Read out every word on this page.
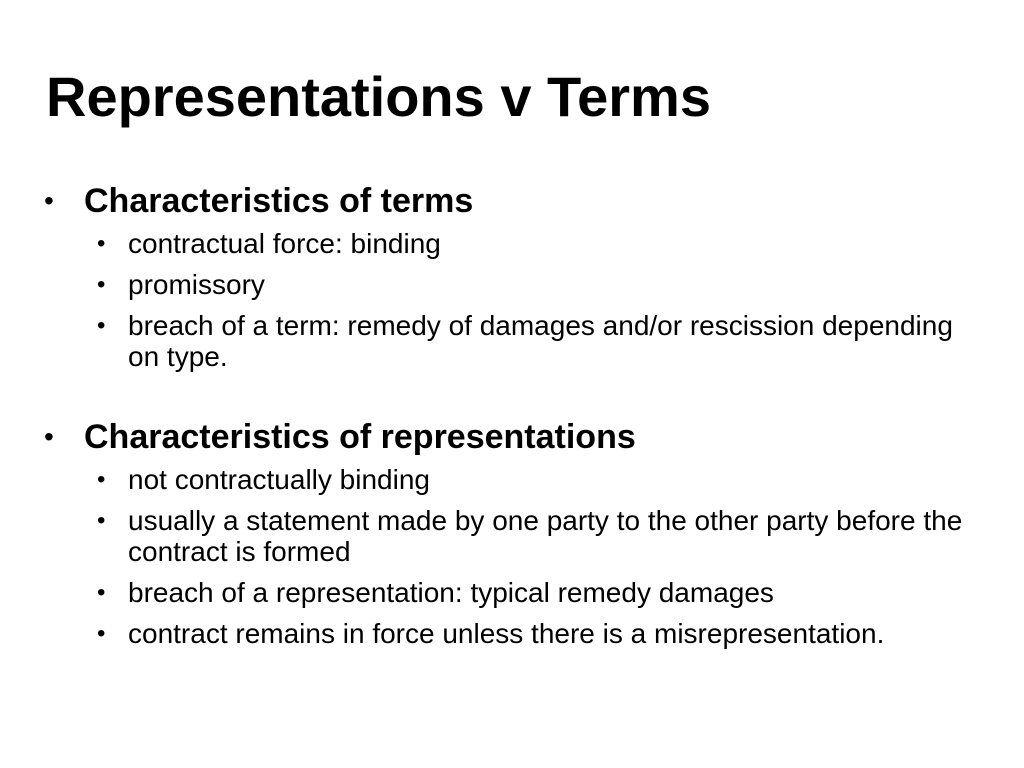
Representations v Terms
• Characteristics of terms
• contractual force: binding
• promissory
• breach of a term: remedy of damages and/or rescission depending on type.
• Characteristics of representations
• not contractually binding
• usually a statement made by one party to the other party before the contract is formed
• breach of a representation: typical remedy damages
• contract remains in force unless there is a misrepresentation.
